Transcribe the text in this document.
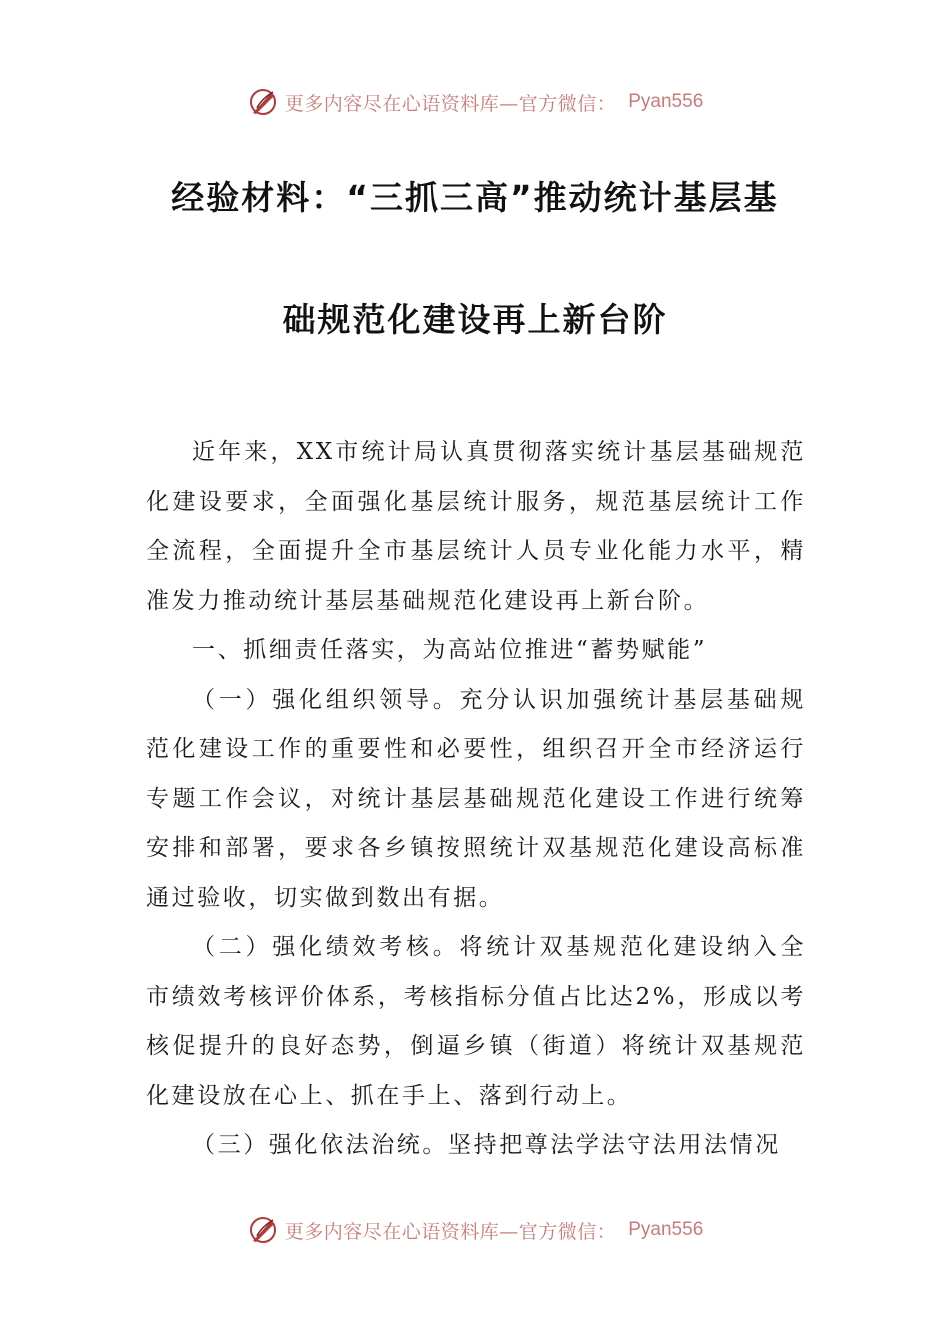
更多内容尽在心语资料库—官方微信： Pyan556
经验材料：“三抓三高”推动统计基层基
础规范化建设再上新台阶

近年来，XX市统计局认真贯彻落实统计基层基础规范化建设要求，全面强化基层统计服务，规范基层统计工作全流程，全面提升全市基层统计人员专业化能力水平，精准发力推动统计基层基础规范化建设再上新台阶。

一、抓细责任落实，为高站位推进“蓄势赋能”

（一）强化组织领导。充分认识加强统计基层基础规范化建设工作的重要性和必要性，组织召开全市经济运行专题工作会议，对统计基层基础规范化建设工作进行统筹安排和部署，要求各乡镇按照统计双基规范化建设高标准通过验收，切实做到数出有据。

（二）强化绩效考核。将统计双基规范化建设纳入全市绩效考核评价体系，考核指标分值占比达2%，形成以考核促提升的良好态势，倒逼乡镇（街道）将统计双基规范化建设放在心上、抓在手上、落到行动上。

（三）强化依法治统。坚持把尊法学法守法用法情况

更多内容尽在心语资料库—官方微信： Pyan556
